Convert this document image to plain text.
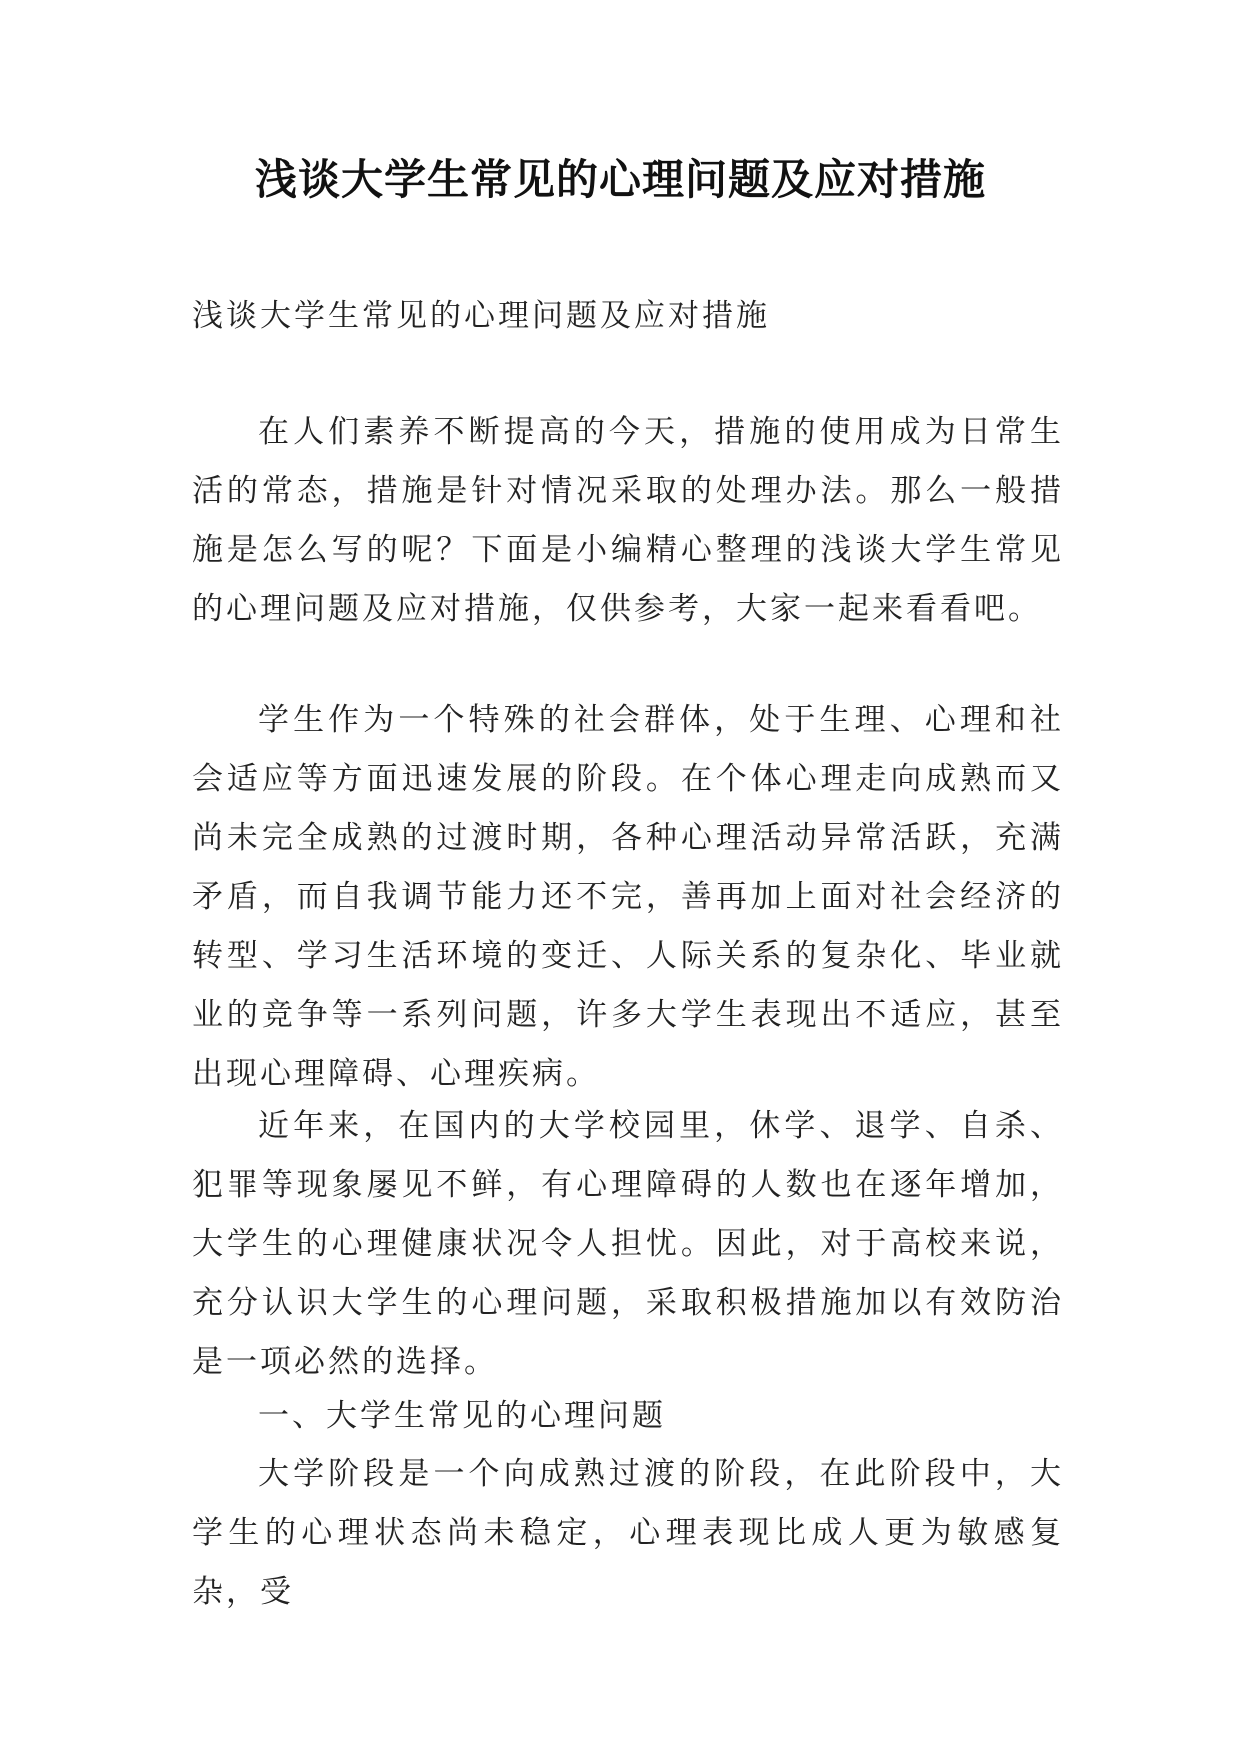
浅谈大学生常见的心理问题及应对措施

浅谈大学生常见的心理问题及应对措施

在人们素养不断提高的今天，措施的使用成为日常生活的常态，措施是针对情况采取的处理办法。那么一般措施是怎么写的呢？下面是小编精心整理的浅谈大学生常见的心理问题及应对措施，仅供参考，大家一起来看看吧。

学生作为一个特殊的社会群体，处于生理、心理和社会适应等方面迅速发展的阶段。在个体心理走向成熟而又尚未完全成熟的过渡时期，各种心理活动异常活跃，充满矛盾，而自我调节能力还不完，善再加上面对社会经济的转型、学习生活环境的变迁、人际关系的复杂化、毕业就业的竞争等一系列问题，许多大学生表现出不适应，甚至出现心理障碍、心理疾病。

近年来，在国内的大学校园里，休学、退学、自杀、犯罪等现象屡见不鲜，有心理障碍的人数也在逐年增加，大学生的心理健康状况令人担忧。因此，对于高校来说，充分认识大学生的心理问题，采取积极措施加以有效防治是一项必然的选择。

一、大学生常见的心理问题

大学阶段是一个向成熟过渡的阶段，在此阶段中，大学生的心理状态尚未稳定，心理表现比成人更为敏感复杂，受
